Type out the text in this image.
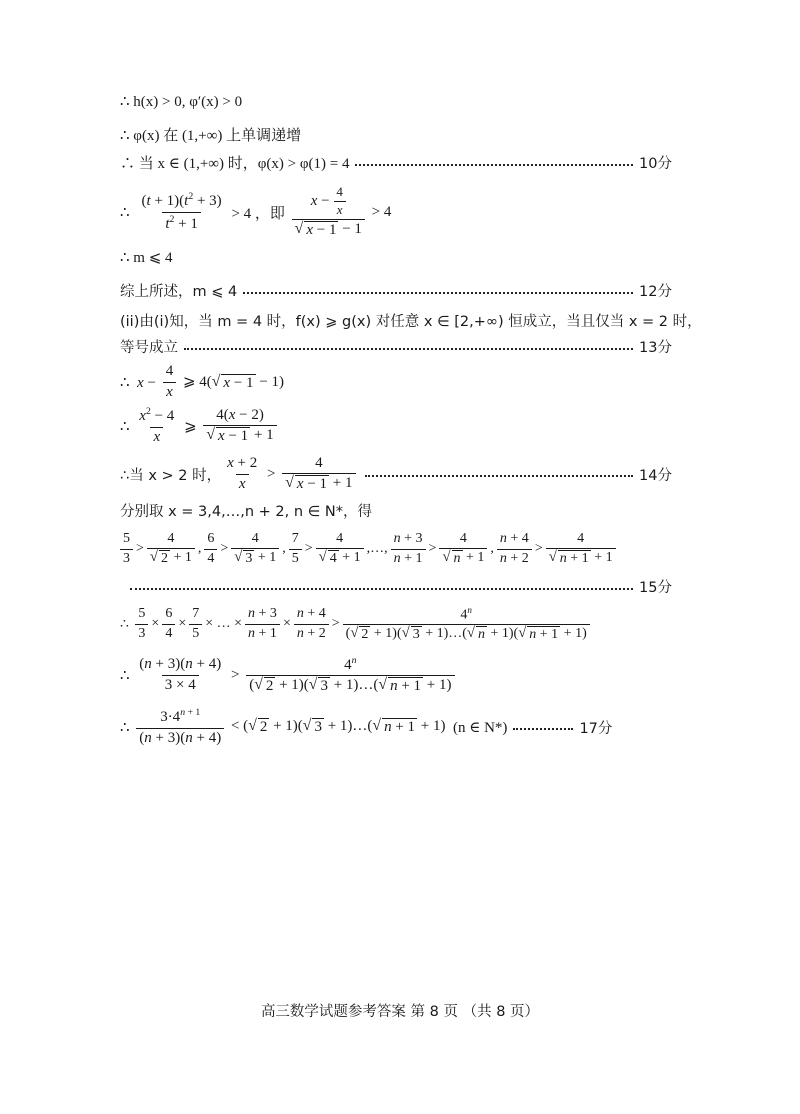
∴ h(x) > 0, φ′(x) > 0
∴ φ(x) 在 (1,+∞) 上单调递增
∴ 当 x ∈ (1,+∞) 时，φ(x) > φ(1) = 4	10分
∴ $\frac{(t + 1)(t^2 + 3)}{t^2 + 1} > 4$ ，即 $\frac{x - \frac{4}{x}}{√ x - 1 - 1} > 4$
∴ m ⩽ 4
综上所述，m ⩽ 4	12分
(ii)由(i)知，当 m = 4 时，f(x) ⩾ g(x) 对任意 x ∈ [2,+∞) 恒成立，当且仅当 x = 2 时，
等号成立	13分
∴  $x - \frac{4}{x}$ ⩾ 4( √ x − 1 − 1)
∴ $\frac{x^2 - 4}{x}$ ⩾ $\frac{4(x - 2)}{√ x - 1 + 1}$
∴当 x > 2 时， $\frac{x + 2}{x} > \frac{4}{√ x - 1 + 1}$	14分
分别取 x = 3,4,…,n + 2, n ∈ N*，得
$\frac{5}{3} > \frac{4}{√ 2 + 1}$ , $\frac{6}{4} > \frac{4}{√ 3 + 1}$ , $\frac{7}{5} > \frac{4}{√ 4 + 1}$ ,…, $\frac{n + 3}{n + 1} > \frac{4}{√ n + 1}$ , $\frac{n + 4}{n + 2} > \frac{4}{√ n + 1 + 1}$
15分
∴ $\frac{5}{3} \times \frac{6}{4} \times \frac{7}{5}$ × … × $\frac{n + 3}{n + 1} \times \frac{n + 4}{n + 2} > \frac{4^n}{( √ 2 + 1)( √ 3 + 1)\dots( √ n + 1)( √ n + 1 + 1)}$
∴ $\frac{(n + 3)(n + 4)}{3 \times 4} > \frac{4^n}{( √ 2 + 1)( √ 3 + 1)\dots( √ n + 1 + 1)}$
∴ $\frac{3\cdot 4^{n + 1}}{(n + 3)(n + 4)}$ < ( √ 2 + 1)( √ 3 + 1)…( √ n + 1 + 1) (n ∈ N*)	17分
高三数学试题参考答案 第 8 页 （共 8 页）
